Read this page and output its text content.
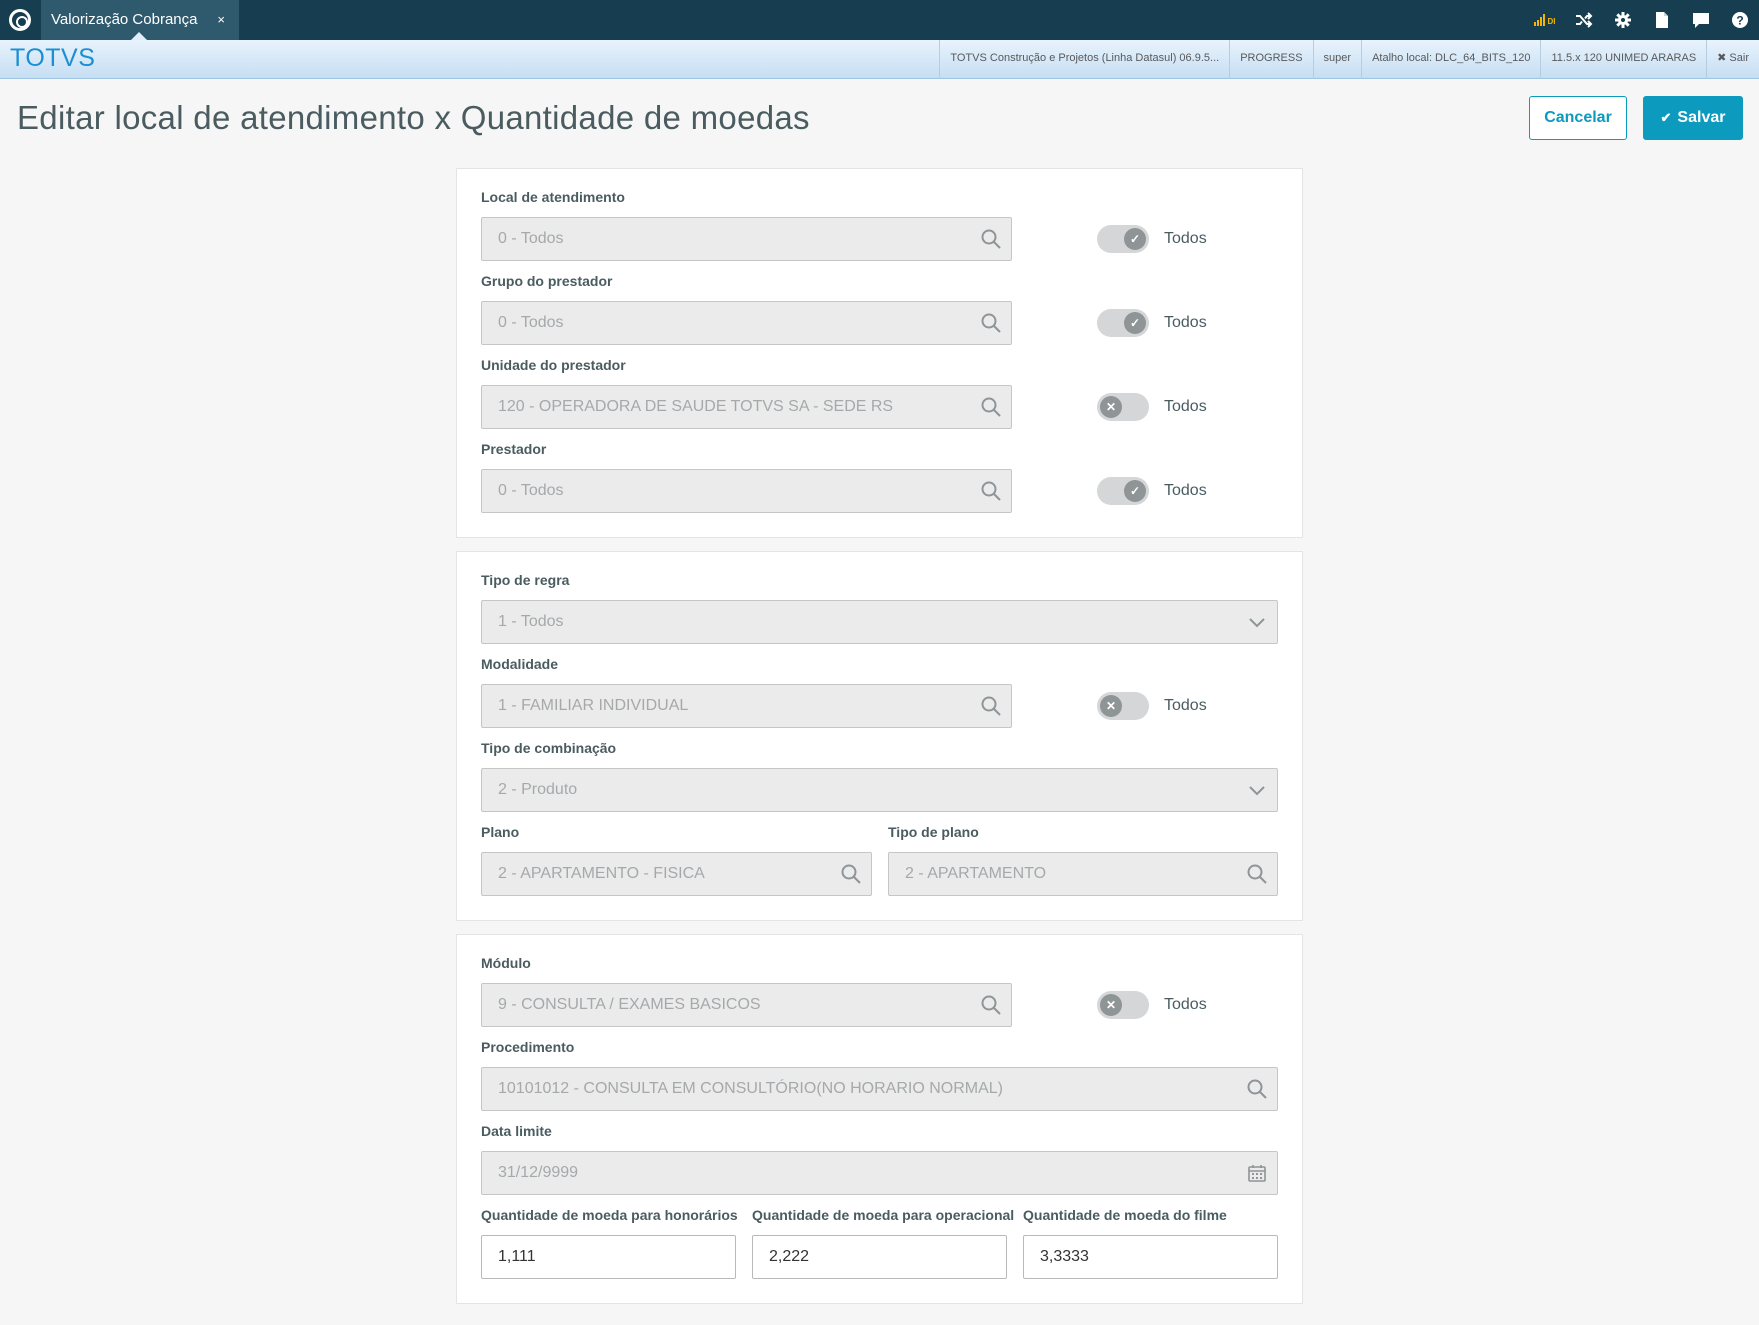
Valorização Cobrança ×	DI	?
TOTVS	TOTVS Construção e Projetos (Linha Datasul) 06.9.5...	PROGRESS	super	Atalho local: DLC_64_BITS_120	11.5.x 120 UNIMED ARARAS	✖ Sair
Editar local de atendimento x Quantidade de moedas	Cancelar	✔ Salvar
Local de atendimento
0 - Todos	✓	Todos
Grupo do prestador
0 - Todos	✓	Todos
Unidade do prestador
120 - OPERADORA DE SAUDE TOTVS SA - SEDE RS	✕	Todos
Prestador
0 - Todos	✓	Todos
Tipo de regra
1 - Todos
Modalidade
1 - FAMILIAR INDIVIDUAL	✕	Todos
Tipo de combinação
2 - Produto
Plano
2 - APARTAMENTO - FISICA
Tipo de plano
2 - APARTAMENTO
Módulo
9 - CONSULTA / EXAMES BASICOS	✕	Todos
Procedimento
10101012 - CONSULTA EM CONSULTÓRIO(NO HORARIO NORMAL)
Data limite
31/12/9999
Quantidade de moeda para honorários
1,111
Quantidade de moeda para operacional
2,222
Quantidade de moeda do filme
3,3333
